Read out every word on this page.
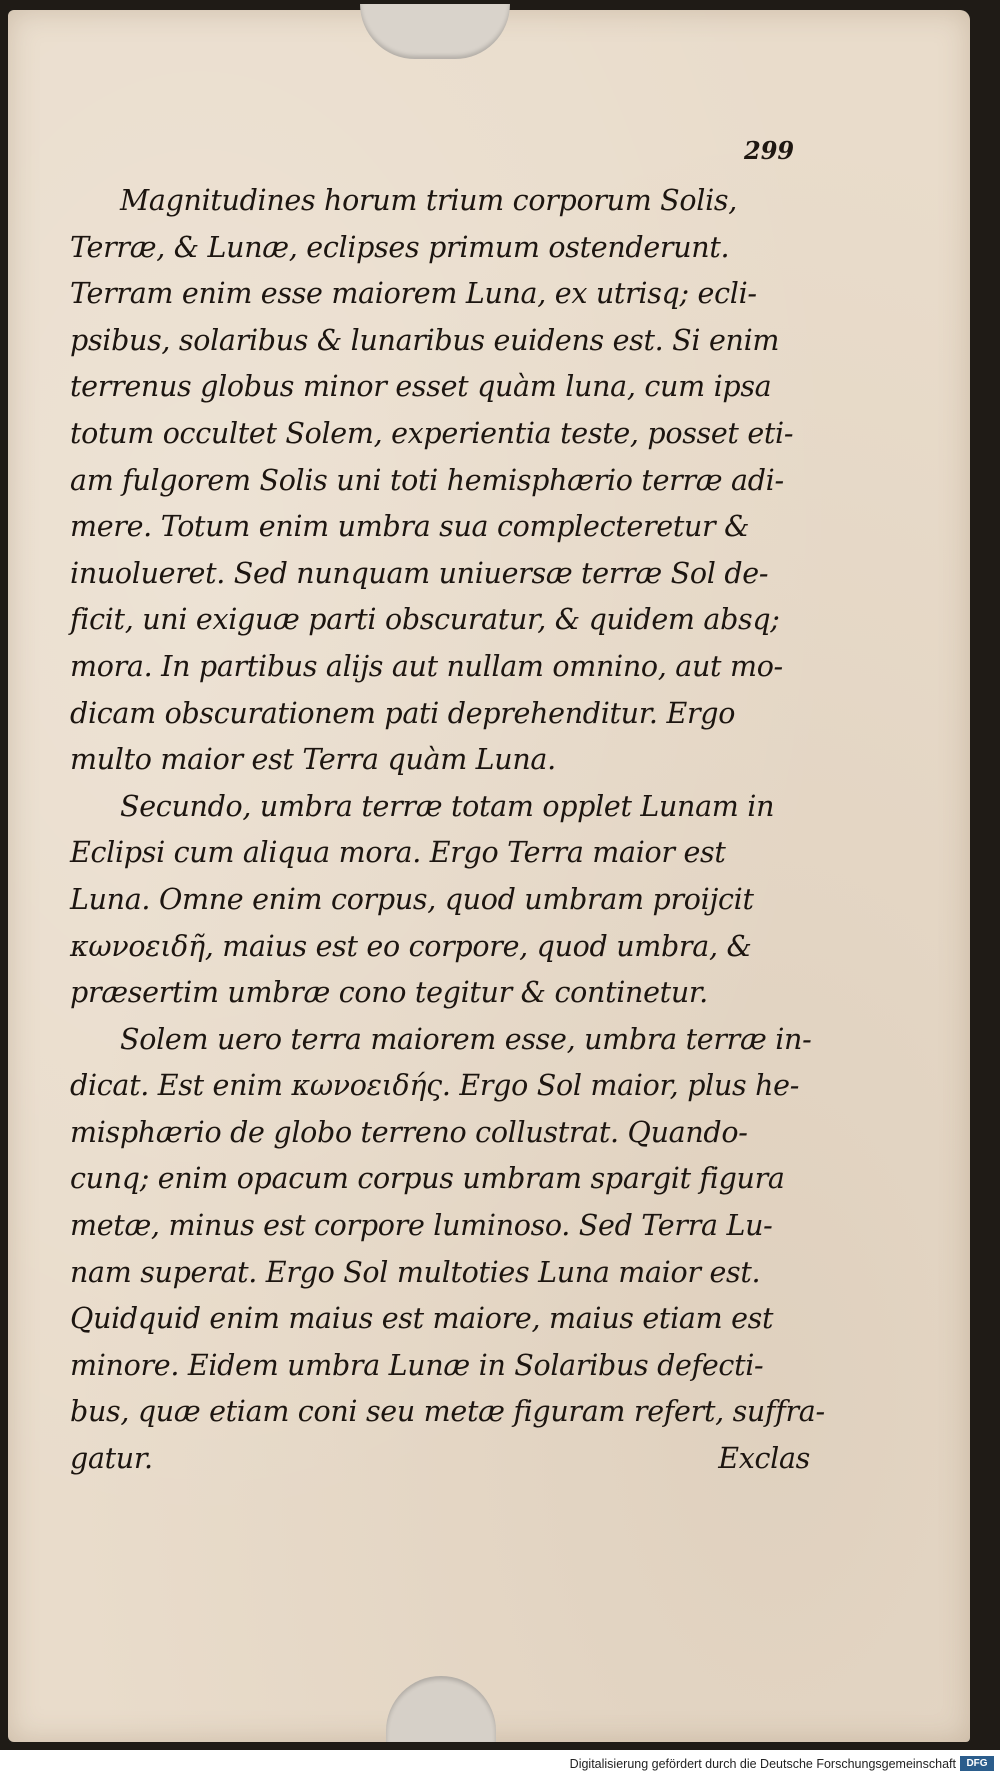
299
Magnitudines horum trium corporum Solis,
Terræ, & Lunæ, eclipses primum ostenderunt.
Terram enim esse maiorem Luna, ex utrisq; ecli-
psibus, solaribus & lunaribus euidens est. Si enim
terrenus globus minor esset quàm luna, cum ipsa
totum occultet Solem, experientia teste, posset eti-
am fulgorem Solis uni toti hemisphærio terræ adi-
mere. Totum enim umbra sua complecteretur &
inuolueret. Sed nunquam uniuersæ terræ Sol de-
ficit, uni exiguæ parti obscuratur, & quidem absq;
mora. In partibus alijs aut nullam omnino, aut mo-
dicam obscurationem pati deprehenditur. Ergo
multo maior est Terra quàm Luna.
Secundo, umbra terræ totam opplet Lunam in
Eclipsi cum aliqua mora. Ergo Terra maior est
Luna. Omne enim corpus, quod umbram proijcit
κωνοειδῆ, maius est eo corpore, quod umbra, &
præsertim umbræ cono tegitur & continetur.
Solem uero terra maiorem esse, umbra terræ in-
dicat. Est enim κωνοειδής. Ergo Sol maior, plus he-
misphærio de globo terreno collustrat. Quando-
cunq; enim opacum corpus umbram spargit figura
metæ, minus est corpore luminoso. Sed Terra Lu-
nam superat. Ergo Sol multoties Luna maior est.
Quidquid enim maius est maiore, maius etiam est
minore. Eidem umbra Lunæ in Solaribus defecti-
bus, quæ etiam coni seu metæ figuram refert, suffra-
gatur.	Exclas
Digitalisierung gefördert durch die Deutsche Forschungsgemeinschaft	DFG
